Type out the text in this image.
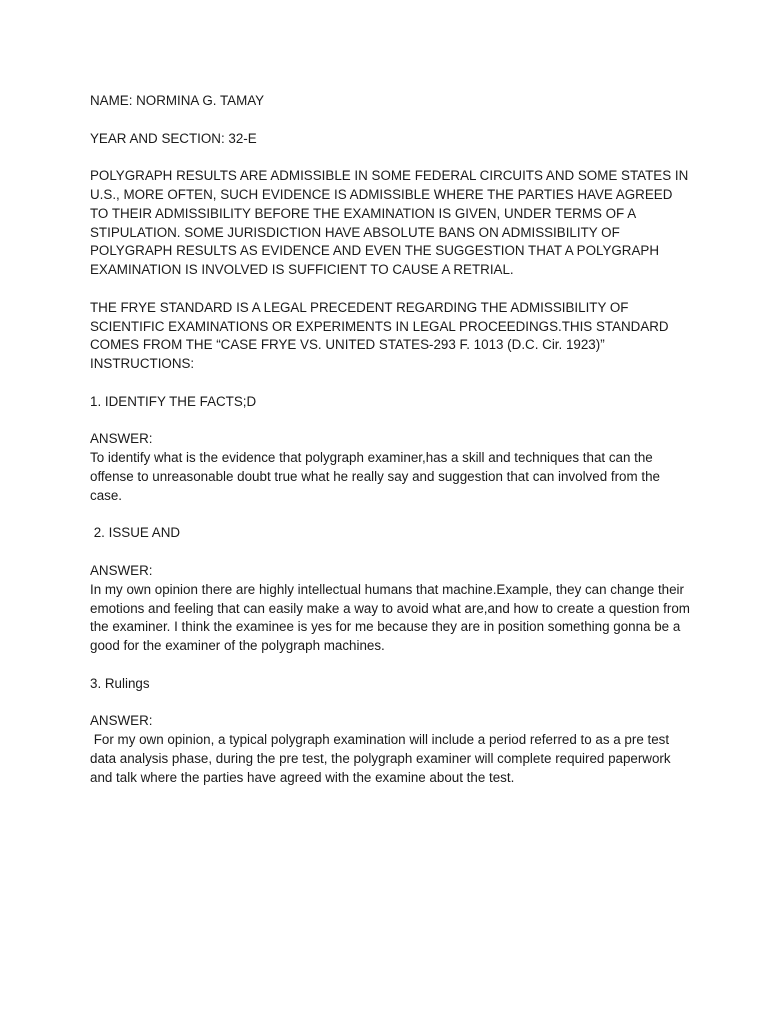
NAME: NORMINA G. TAMAY

YEAR AND SECTION: 32-E

POLYGRAPH RESULTS ARE ADMISSIBLE IN SOME FEDERAL CIRCUITS AND SOME STATES IN U.S., MORE OFTEN, SUCH EVIDENCE IS ADMISSIBLE WHERE THE PARTIES HAVE AGREED TO THEIR ADMISSIBILITY BEFORE THE EXAMINATION IS GIVEN, UNDER TERMS OF A STIPULATION. SOME JURISDICTION HAVE ABSOLUTE BANS ON ADMISSIBILITY OF POLYGRAPH RESULTS AS EVIDENCE AND EVEN THE SUGGESTION THAT A POLYGRAPH EXAMINATION IS INVOLVED IS SUFFICIENT TO CAUSE A RETRIAL.

THE FRYE STANDARD IS A LEGAL PRECEDENT REGARDING THE ADMISSIBILITY OF SCIENTIFIC EXAMINATIONS OR EXPERIMENTS IN LEGAL PROCEEDINGS.THIS STANDARD COMES FROM THE “CASE FRYE VS. UNITED STATES-293 F. 1013 (D.C. Cir. 1923)”

INSTRUCTIONS:

1. IDENTIFY THE FACTS;D

ANSWER:

To identify what is the evidence that polygraph examiner,has a skill and techniques that can the offense to unreasonable doubt true what he really say and suggestion that can involved from the case.

2. ISSUE AND

ANSWER:

In my own opinion there are highly intellectual humans that machine.Example, they can change their emotions and feeling that can easily make a way to avoid what are,and how to create a question from the examiner. I think the examinee is yes for me because they are in position something gonna be a good for the examiner of the polygraph machines.

3. Rulings

ANSWER:

For my own opinion, a typical polygraph examination will include a period referred to as a pre test data analysis phase, during the pre test, the polygraph examiner will complete required paperwork and talk where the parties have agreed with the examine about the test.
